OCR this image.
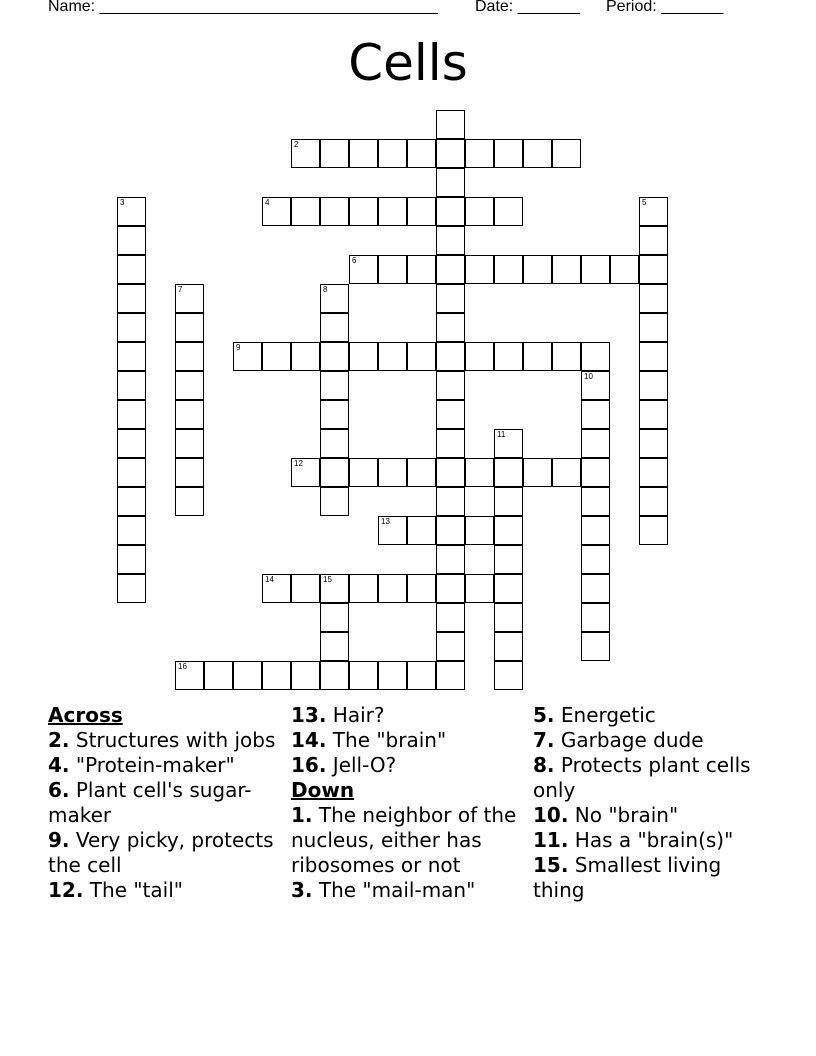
Name: ______________________________________ Date: _______ Period: _______
Cells
2
3	4	5
6
7	8
9
10
11
12
13
14	15
16
Across
2. Structures with jobs
4. "Protein-maker"
6. Plant cell's sugar-maker
9. Very picky, protects the cell
12. The "tail"
13. Hair?
14. The "brain"
16. Jell-O?
Down
1. The neighbor of the nucleus, either has ribosomes or not
3. The "mail-man"
5. Energetic
7. Garbage dude
8. Protects plant cells only
10. No "brain"
11. Has a "brain(s)"
15. Smallest living thing
